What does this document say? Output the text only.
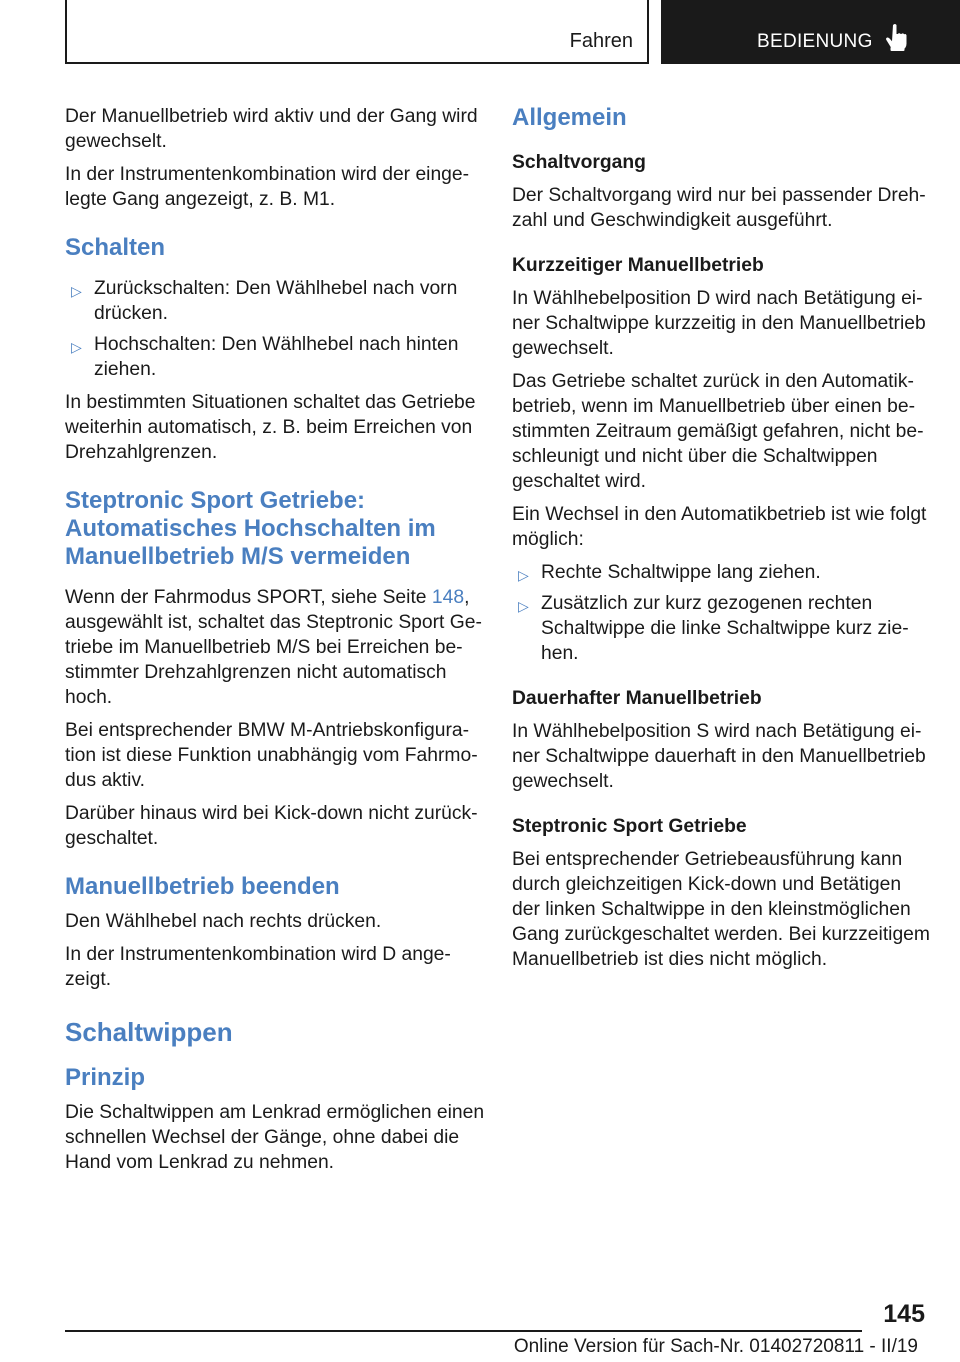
Fahren	BEDIENUNG

Der Manuellbetrieb wird aktiv und der Gang wird gewechselt.

In der Instrumentenkombination wird der eingelegte Gang angezeigt, z. B. M1.

Schalten
▷ Zurückschalten: Den Wählhebel nach vorn drücken.
▷ Hochschalten: Den Wählhebel nach hinten ziehen.

In bestimmten Situationen schaltet das Getriebe weiterhin automatisch, z. B. beim Erreichen von Drehzahlgrenzen.

Steptronic Sport Getriebe: Automatisches Hochschalten im Manuellbetrieb M/S vermeiden

Wenn der Fahrmodus SPORT, siehe Seite 148, ausgewählt ist, schaltet das Steptronic Sport Getriebe im Manuellbetrieb M/S bei Erreichen bestimmter Drehzahlgrenzen nicht automatisch hoch.

Bei entsprechender BMW M-Antriebskonfiguration ist diese Funktion unabhängig vom Fahrmodus aktiv.

Darüber hinaus wird bei Kick-down nicht zurückgeschaltet.

Manuellbetrieb beenden

Den Wählhebel nach rechts drücken.

In der Instrumentenkombination wird D angezeigt.

Schaltwippen
Prinzip

Die Schaltwippen am Lenkrad ermöglichen einen schnellen Wechsel der Gänge, ohne dabei die Hand vom Lenkrad zu nehmen.

Allgemein
Schaltvorgang

Der Schaltvorgang wird nur bei passender Drehzahl und Geschwindigkeit ausgeführt.

Kurzzeitiger Manuellbetrieb

In Wählhebelposition D wird nach Betätigung einer Schaltwippe kurzzeitig in den Manuellbetrieb gewechselt.

Das Getriebe schaltet zurück in den Automatikbetrieb, wenn im Manuellbetrieb über einen bestimmten Zeitraum gemäßigt gefahren, nicht beschleunigt und nicht über die Schaltwippen geschaltet wird.

Ein Wechsel in den Automatikbetrieb ist wie folgt möglich:

▷ Rechte Schaltwippe lang ziehen.
▷ Zusätzlich zur kurz gezogenen rechten Schaltwippe die linke Schaltwippe kurz ziehen.
Dauerhafter Manuellbetrieb

In Wählhebelposition S wird nach Betätigung einer Schaltwippe dauerhaft in den Manuellbetrieb gewechselt.

Steptronic Sport Getriebe

Bei entsprechender Getriebeausführung kann durch gleichzeitigen Kick-down und Betätigen der linken Schaltwippe in den kleinstmöglichen Gang zurückgeschaltet werden. Bei kurzzeitigem Manuellbetrieb ist dies nicht möglich.

145
Online Version für Sach-Nr. 01402720811 - II/19
